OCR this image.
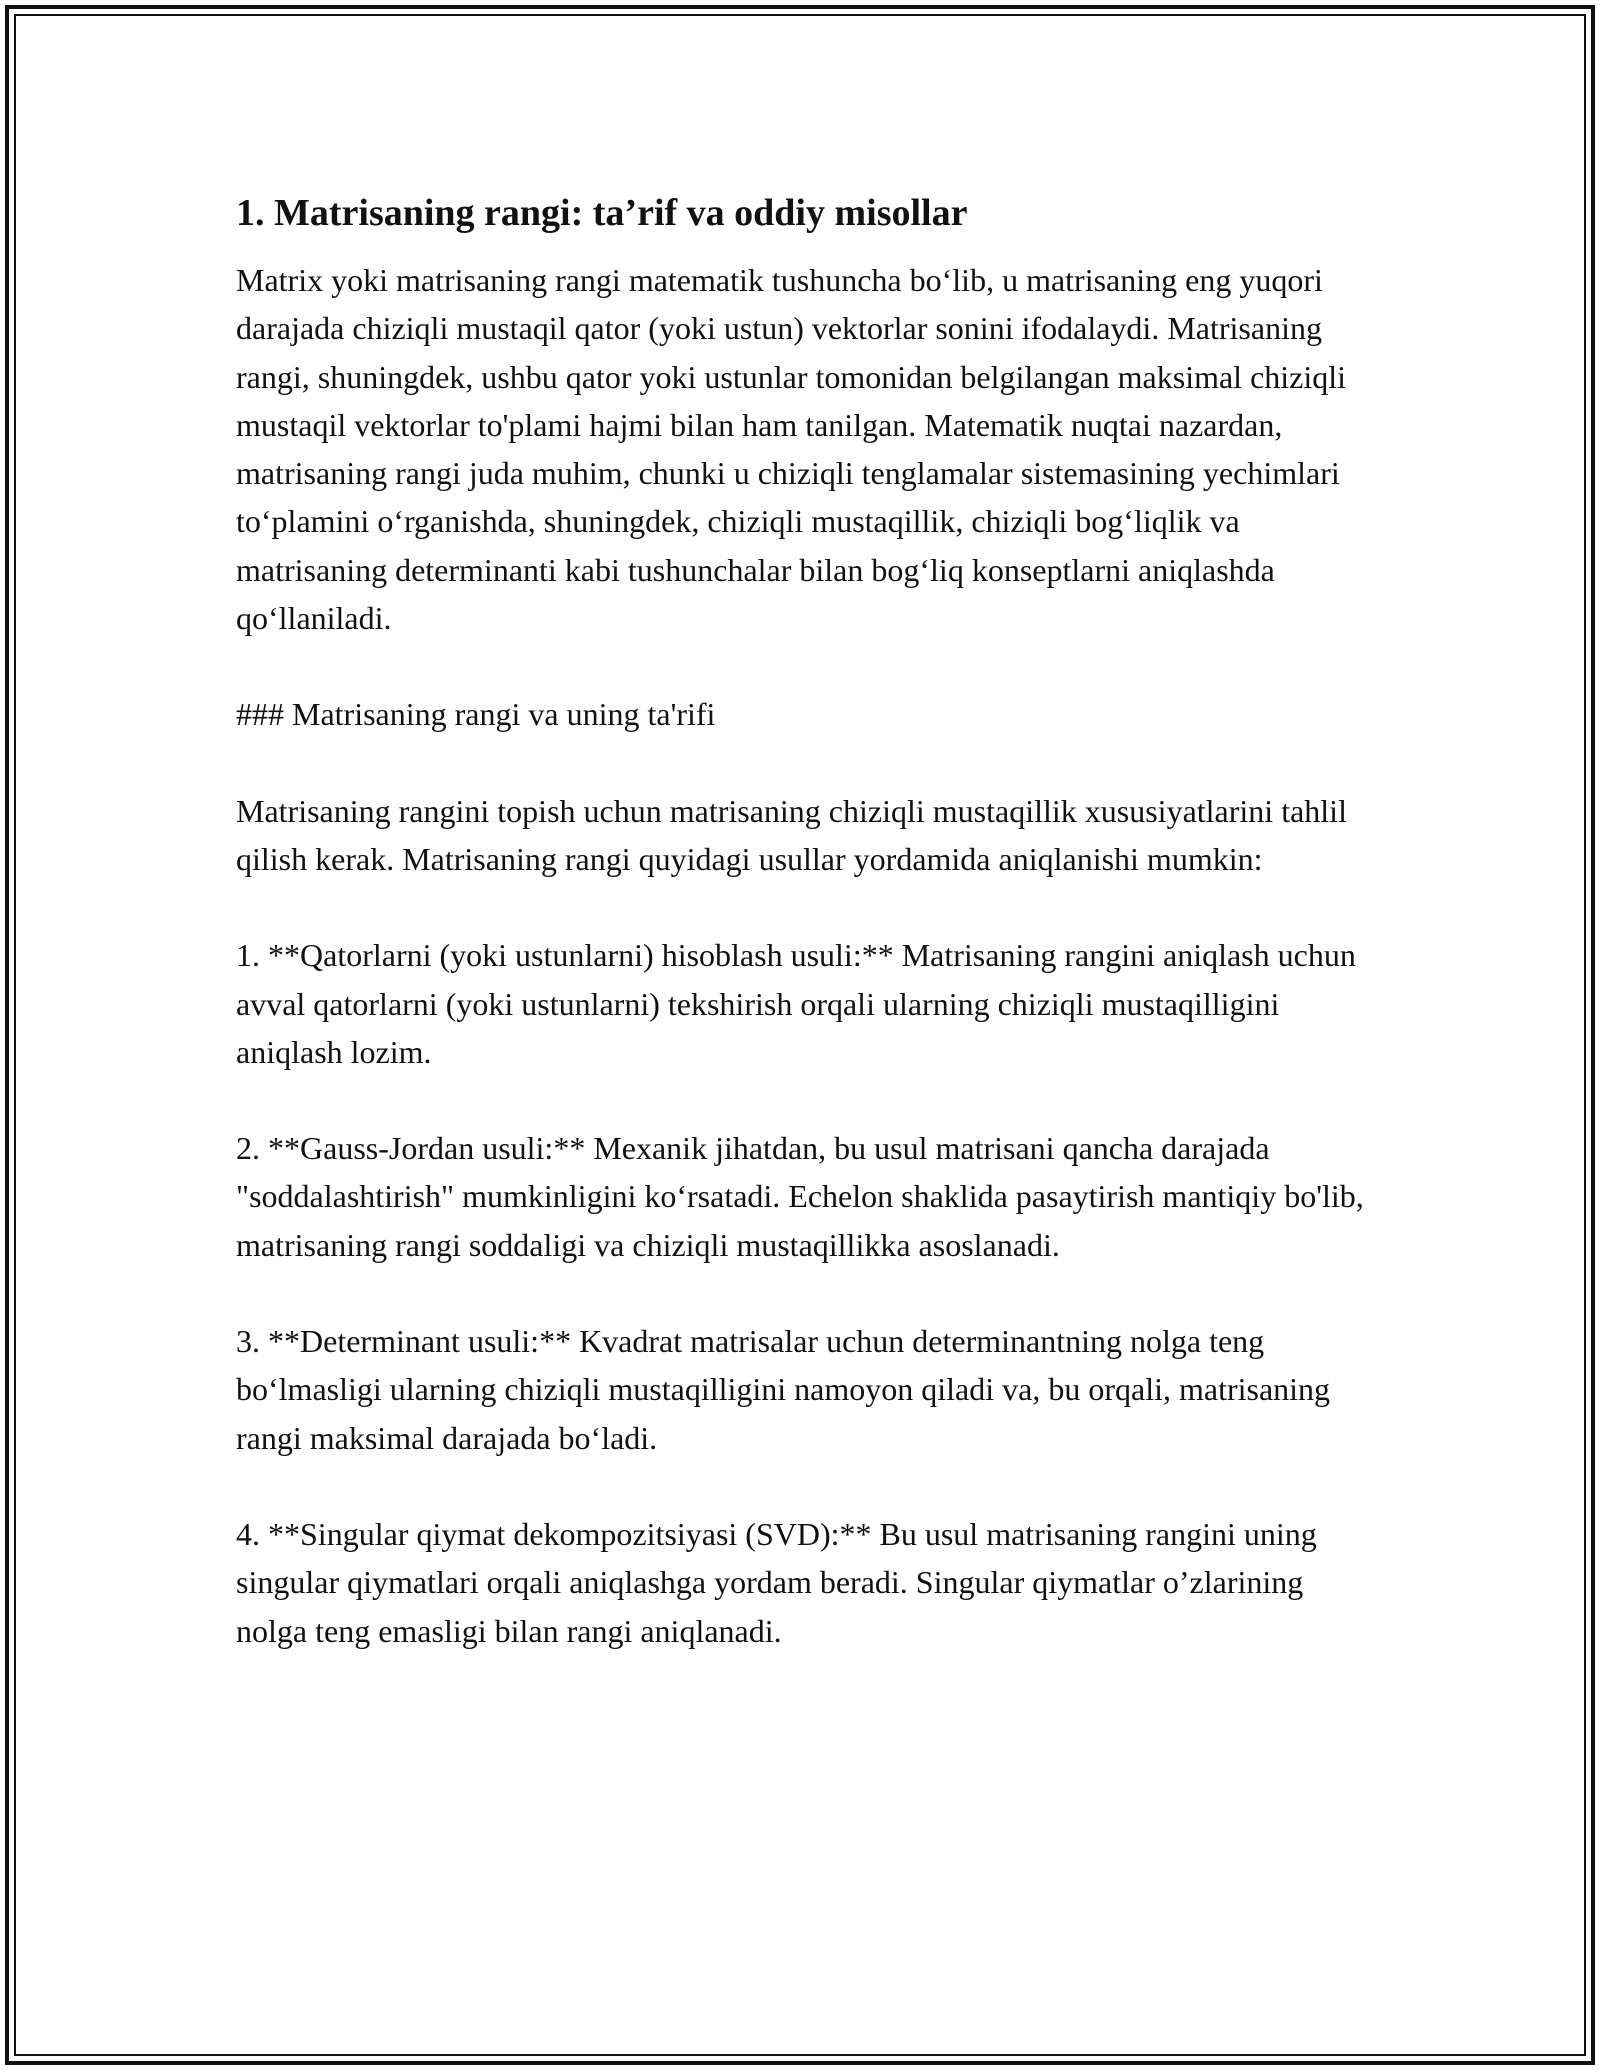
1. Matrisaning rangi: ta’rif va oddiy misollar

Matrix yoki matrisaning rangi matematik tushuncha bo‘lib, u matrisaning eng yuqori darajada chiziqli mustaqil qator (yoki ustun) vektorlar sonini ifodalaydi. Matrisaning rangi, shuningdek, ushbu qator yoki ustunlar tomonidan belgilangan maksimal chiziqli mustaqil vektorlar to'plami hajmi bilan ham tanilgan. Matematik nuqtai nazardan, matrisaning rangi juda muhim, chunki u chiziqli tenglamalar sistemasining yechimlari to‘plamini o‘rganishda, shuningdek, chiziqli mustaqillik, chiziqli bog‘liqlik va matrisaning determinanti kabi tushunchalar bilan bog‘liq konseptlarni aniqlashda qo‘llaniladi.

### Matrisaning rangi va uning ta'rifi

Matrisaning rangini topish uchun matrisaning chiziqli mustaqillik xususiyatlarini tahlil qilish kerak. Matrisaning rangi quyidagi usullar yordamida aniqlanishi mumkin:

1. **Qatorlarni (yoki ustunlarni) hisoblash usuli:** Matrisaning rangini aniqlash uchun avval qatorlarni (yoki ustunlarni) tekshirish orqali ularning chiziqli mustaqilligini aniqlash lozim.

2. **Gauss-Jordan usuli:** Mexanik jihatdan, bu usul matrisani qancha darajada "soddalashtirish" mumkinligini ko‘rsatadi. Echelon shaklida pasaytirish mantiqiy bo'lib, matrisaning rangi soddaligi va chiziqli mustaqillikka asoslanadi.

3. **Determinant usuli:** Kvadrat matrisalar uchun determinantning nolga teng bo‘lmasligi ularning chiziqli mustaqilligini namoyon qiladi va, bu orqali, matrisaning rangi maksimal darajada bo‘ladi.

4. **Singular qiymat dekompozitsiyasi (SVD):** Bu usul matrisaning rangini uning singular qiymatlari orqali aniqlashga yordam beradi. Singular qiymatlar o’zlarining nolga teng emasligi bilan rangi aniqlanadi.
